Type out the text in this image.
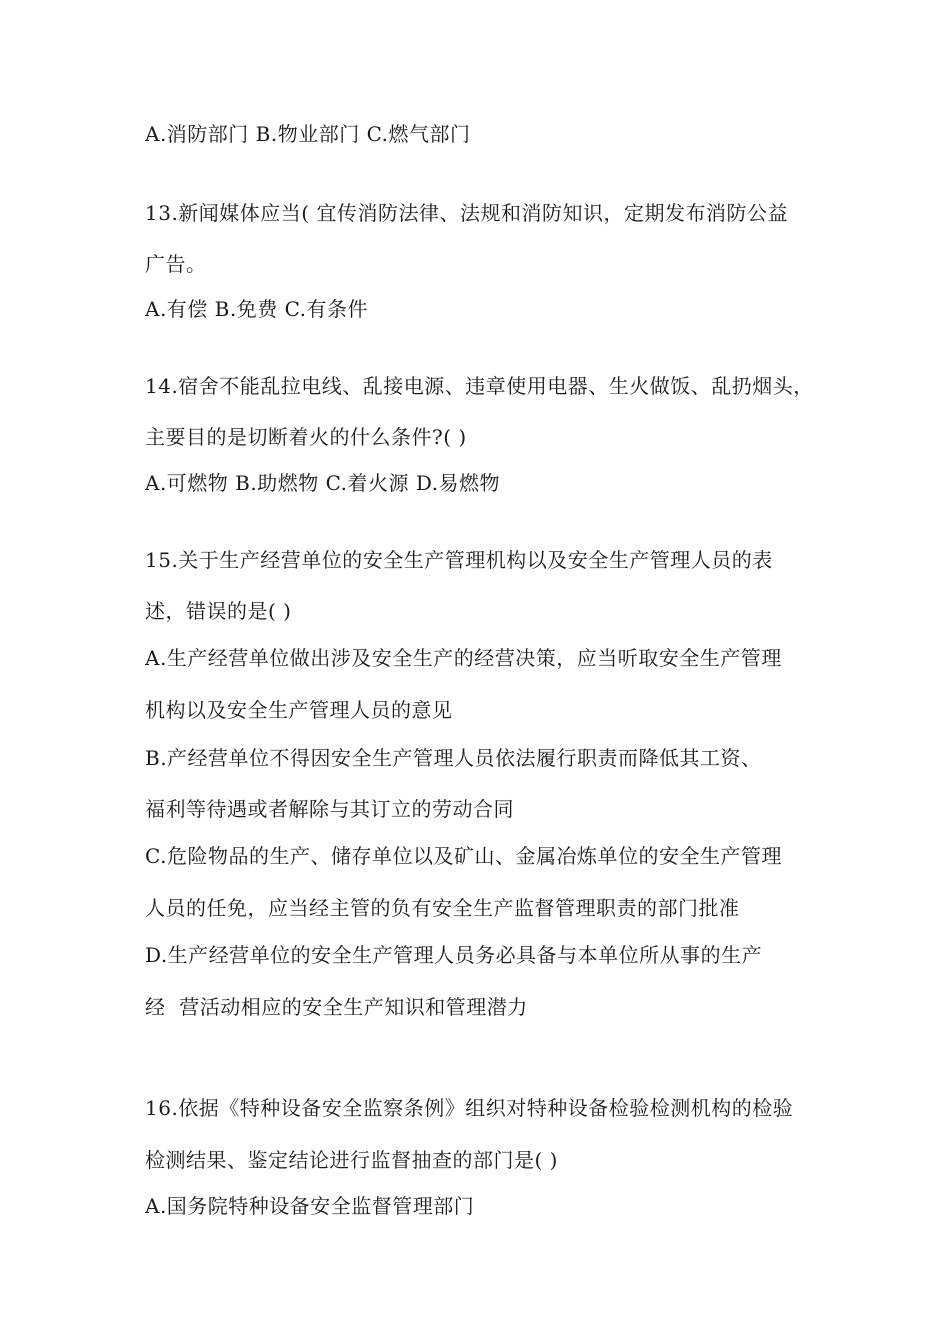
A.消防部门 B.物业部门 C.燃气部门
13.新闻媒体应当( 宜传消防法律、法规和消防知识，定期发布消防公益
广告。
A.有偿 B.免费 C.有条件
14.宿舍不能乱拉电线、乱接电源、违章使用电器、生火做饭、乱扔烟头，
主要目的是切断着火的什么条件?( )
A.可燃物 B.助燃物 C.着火源 D.易燃物
15.关于生产经营单位的安全生产管理机构以及安全生产管理人员的表
述，错误的是( )
A.生产经营单位做出涉及安全生产的经营决策，应当听取安全生产管理
机构以及安全生产管理人员的意见
B.产经营单位不得因安全生产管理人员依法履行职责而降低其工资、
福利等待遇或者解除与其订立的劳动合同
C.危险物品的生产、储存单位以及矿山、金属冶炼单位的安全生产管理
人员的任免，应当经主管的负有安全生产监督管理职责的部门批准
D.生产经营单位的安全生产管理人员务必具备与本单位所从事的生产
经  营活动相应的安全生产知识和管理潜力
16.依据《特种设备安全监察条例》组织对特种设备检验检测机构的检验
检测结果、鉴定结论进行监督抽查的部门是( )
A.国务院特种设备安全监督管理部门
